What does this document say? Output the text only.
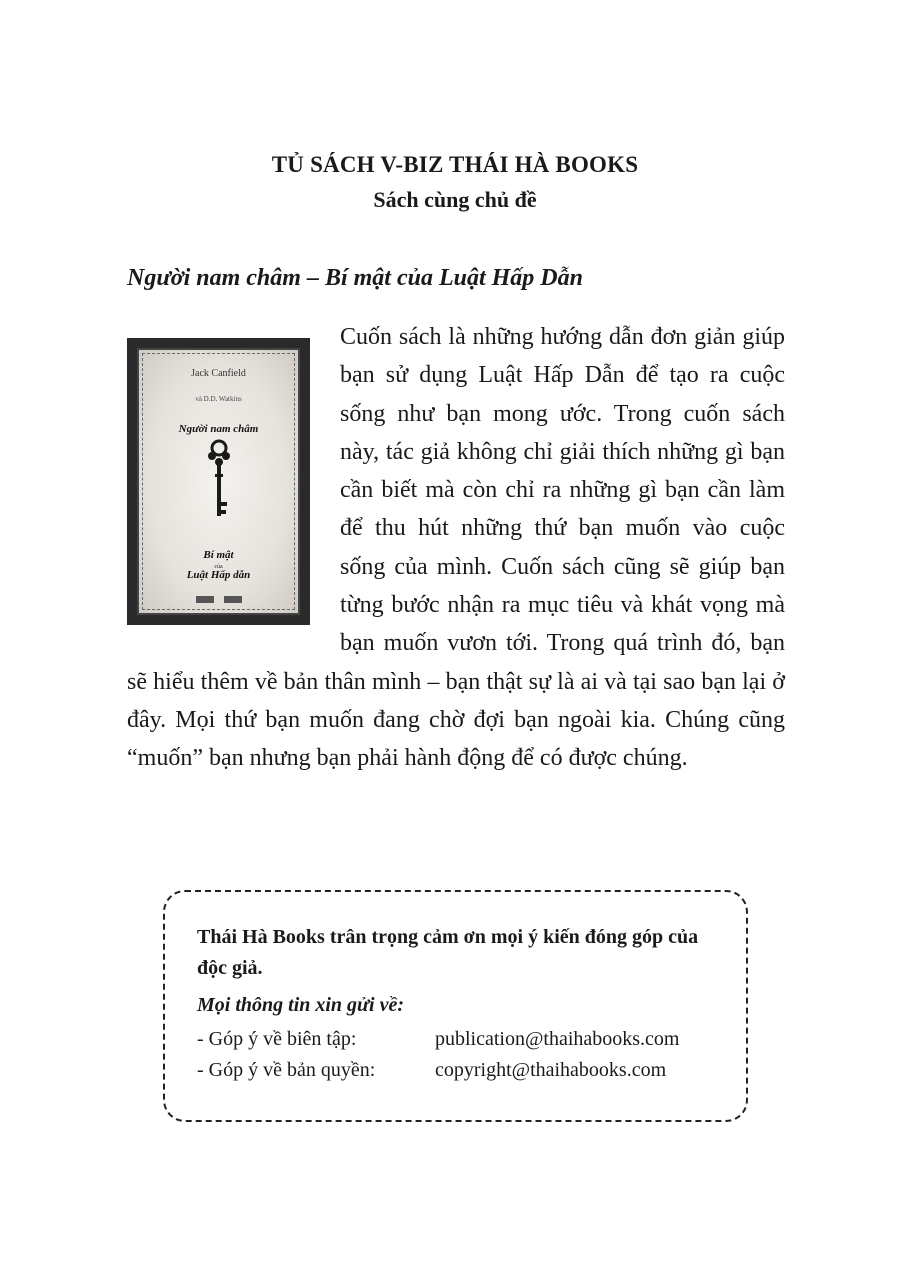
TỦ SÁCH V-BIZ THÁI HÀ BOOKS
Sách cùng chủ đề
Người nam châm – Bí mật của Luật Hấp Dẫn
Jack Canfield
và D.D. Watkins
Người nam châm
Bí mật
của
Luật Hấp dẫn
Cuốn sách là những hướng dẫn đơn giản giúp bạn sử dụng Luật Hấp Dẫn để tạo ra cuộc sống như bạn mong ước. Trong cuốn sách này, tác giả không chỉ giải thích những gì bạn cần biết mà còn chỉ ra những gì bạn cần làm để thu hút những thứ bạn muốn vào cuộc sống của mình. Cuốn sách cũng sẽ giúp bạn từng bước nhận ra mục tiêu và khát vọng mà bạn muốn vươn tới. Trong quá trình đó, bạn sẽ hiểu thêm về bản thân mình – bạn thật sự là ai và tại sao bạn lại ở đây. Mọi thứ bạn muốn đang chờ đợi bạn ngoài kia. Chúng cũng “muốn” bạn nhưng bạn phải hành động để có được chúng.

Thái Hà Books trân trọng cảm ơn mọi ý kiến đóng góp của độc giả.

Mọi thông tin xin gửi về:

- Góp ý về biên tập:	publication@thaihabooks.com
- Góp ý về bản quyền:	copyright@thaihabooks.com
